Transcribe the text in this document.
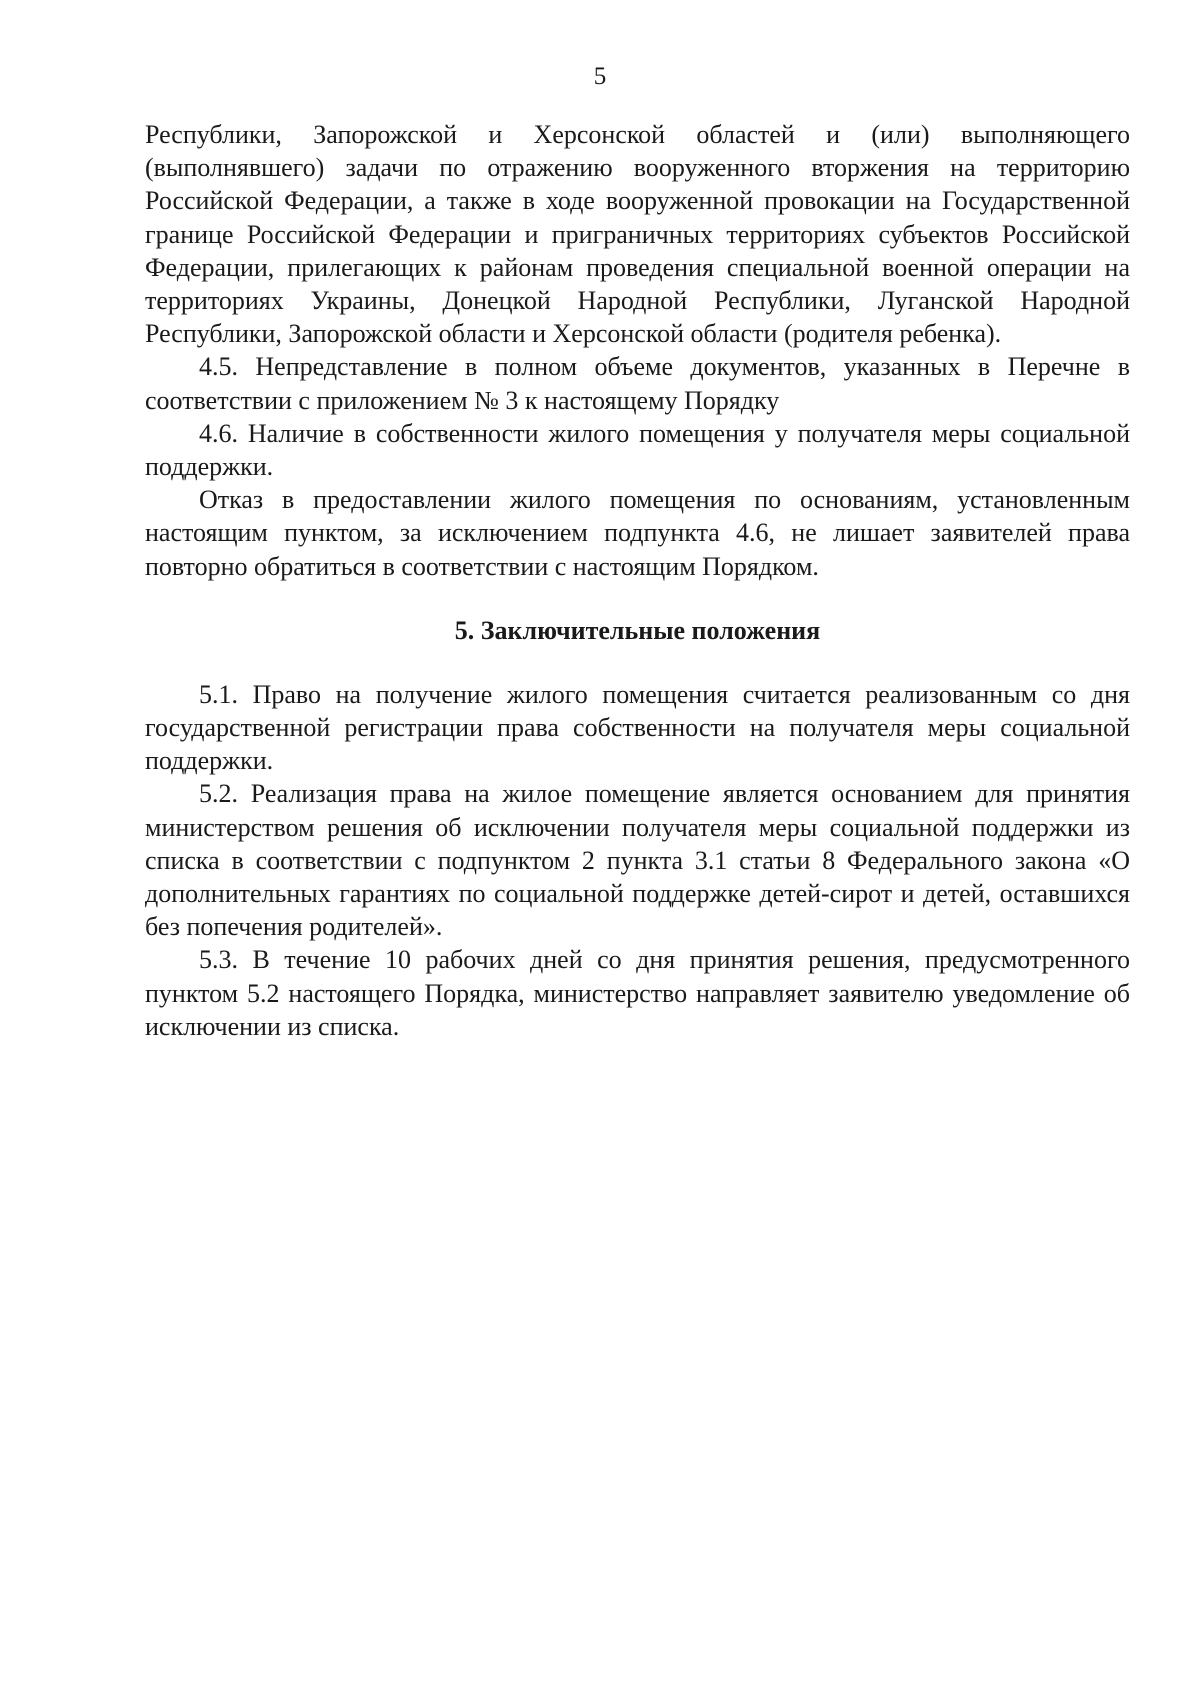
5

Республики, Запорожской и Херсонской областей и (или) выполняющего (выполнявшего) задачи по отражению вооруженного вторжения на территорию Российской Федерации, а также в ходе вооруженной провокации на Государственной границе Российской Федерации и приграничных территориях субъектов Российской Федерации, прилегающих к районам проведения специальной военной операции на территориях Украины, Донецкой Народной Республики, Луганской Народной Республики, Запорожской области и Херсонской области (родителя ребенка).

4.5. Непредставление в полном объеме документов, указанных в Перечне в соответствии с приложением № 3 к настоящему Порядку

4.6. Наличие в собственности жилого помещения у получателя меры социальной поддержки.

Отказ в предоставлении жилого помещения по основаниям, установленным настоящим пунктом, за исключением подпункта 4.6, не лишает заявителей права повторно обратиться в соответствии с настоящим Порядком.

5. Заключительные положения

5.1. Право на получение жилого помещения считается реализованным со дня государственной регистрации права собственности на получателя меры социальной поддержки.

5.2. Реализация права на жилое помещение является основанием для принятия министерством решения об исключении получателя меры социальной поддержки из списка в соответствии с подпунктом 2 пункта 3.1 статьи 8 Федерального закона «О дополнительных гарантиях по социальной поддержке детей-сирот и детей, оставшихся без попечения родителей».

5.3. В течение 10 рабочих дней со дня принятия решения, предусмотренного пунктом 5.2 настоящего Порядка, министерство направляет заявителю уведомление об исключении из списка.
